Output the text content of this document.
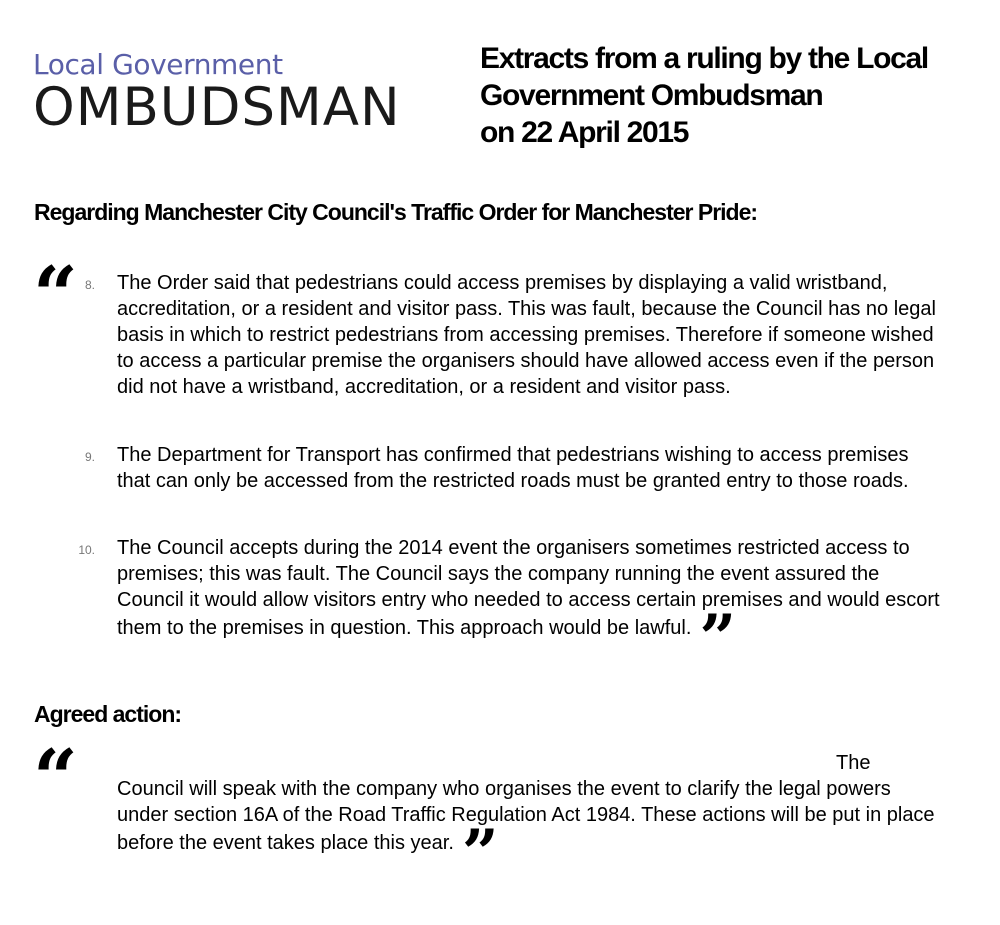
Local Government
OMBUDSMAN
Extracts from a ruling by the Local
Government Ombudsman
on 22 April 2015
Regarding Manchester City Council's Traffic Order for Manchester Pride:
“ 8. The Order said that pedestrians could access premises by displaying a valid wristband, accreditation, or a resident and visitor pass. This was fault, because the Council has no legal basis in which to restrict pedestrians from accessing premises. Therefore if someone wished to access a particular premise the organisers should have allowed access even if the person did not have a wristband, accreditation, or a resident and visitor pass.

9. The Department for Transport has confirmed that pedestrians wishing to access premises that can only be accessed from the restricted roads must be granted entry to those roads.

10. The Council accepts during the 2014 event the organisers sometimes restricted access to premises; this was fault. The Council says the company running the event assured the Council it would allow visitors entry who needed to access certain premises and would escort them to the premises in question. This approach would be lawful. ”

Agreed action:
“	The

Council will speak with the company who organises the event to clarify the legal powers under section 16A of the Road Traffic Regulation Act 1984. These actions will be put in place before the event takes place this year. ”
